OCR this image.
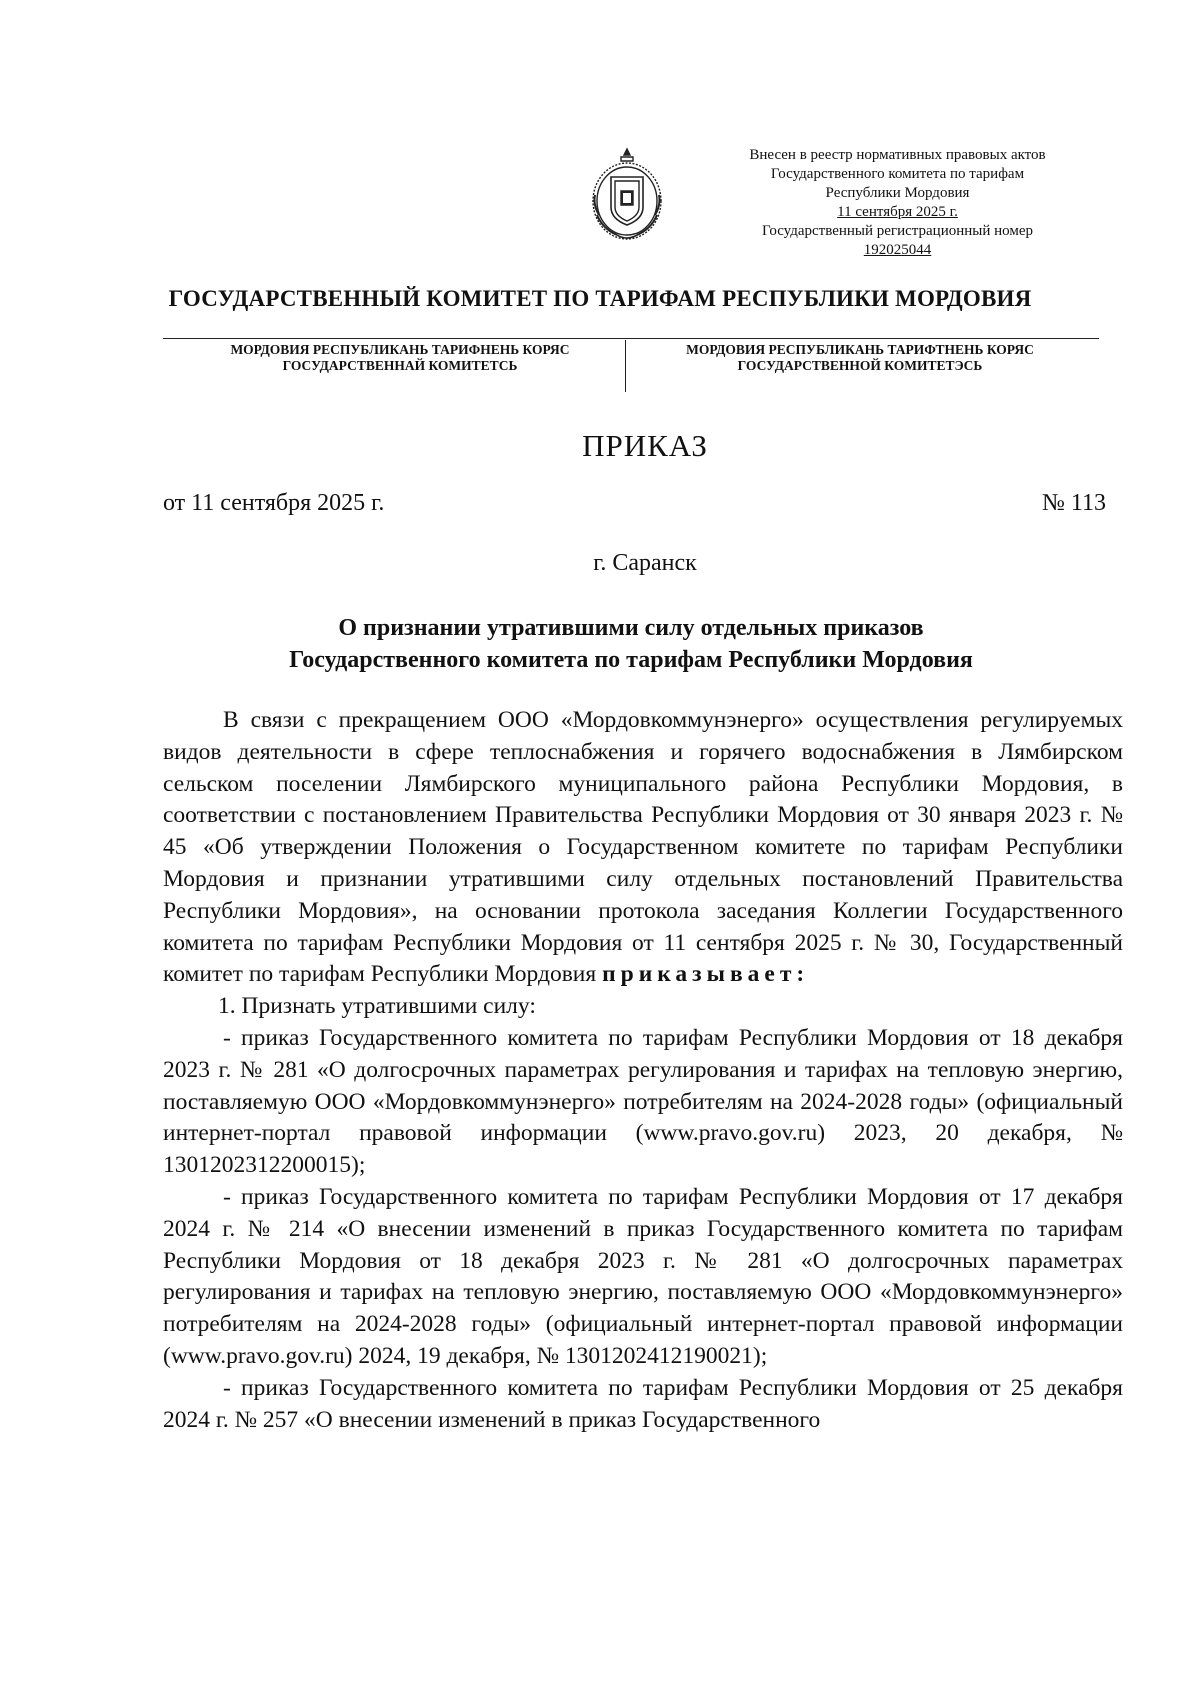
Внесен в реестр нормативных правовых актов
Государственного комитета по тарифам
Республики Мордовия
11 сентября 2025 г.
Государственный регистрационный номер
192025044
ГОСУДАРСТВЕННЫЙ КОМИТЕТ ПО ТАРИФАМ РЕСПУБЛИКИ МОРДОВИЯ
МОРДОВИЯ РЕСПУБЛИКАНЬ ТАРИФНЕНЬ КОРЯС
ГОСУДАРСТВЕННАЙ КОМИТЕТСЬ
МОРДОВИЯ РЕСПУБЛИКАНЬ ТАРИФТНЕНЬ КОРЯС
ГОСУДАРСТВЕННОЙ КОМИТЕТЭСЬ
ПРИКАЗ
от 11 сентября 2025 г.	№ 113
г. Саранск
О признании утратившими силу отдельных приказов
Государственного комитета по тарифам Республики Мордовия

В связи с прекращением ООО «Мордовкоммунэнерго» осуществления регулируемых видов деятельности в сфере теплоснабжения и горячего водоснабжения в Лямбирском сельском поселении Лямбирского муниципального района Республики Мордовия, в соответствии с постановлением Правительства Республики Мордовия от 30 января 2023 г. № 45 «Об утверждении Положения о Государственном комитете по тарифам Республики Мордовия и признании утратившими силу отдельных постановлений Правительства Республики Мордовия», на основании протокола заседания Коллегии Государственного комитета по тарифам Республики Мордовия от 11 сентября 2025 г. № 30, Государственный комитет по тарифам Республики Мордовия приказывает:

1. Признать утратившими силу:

- приказ Государственного комитета по тарифам Республики Мордовия от 18 декабря 2023 г. № 281 «О долгосрочных параметрах регулирования и тарифах на тепловую энергию, поставляемую ООО «Мордовкоммунэнерго» потребителям на 2024-2028 годы» (официальный интернет-портал правовой информации (www.pravo.gov.ru) 2023, 20 декабря, № 1301202312200015);

- приказ Государственного комитета по тарифам Республики Мордовия от 17 декабря 2024 г. № 214 «О внесении изменений в приказ Государственного комитета по тарифам Республики Мордовия от 18 декабря 2023 г. № 281 «О долгосрочных параметрах регулирования и тарифах на тепловую энергию, поставляемую ООО «Мордовкоммунэнерго» потребителям на 2024-2028 годы» (официальный интернет-портал правовой информации (www.pravo.gov.ru) 2024, 19 декабря, № 1301202412190021);

- приказ Государственного комитета по тарифам Республики Мордовия от 25 декабря 2024 г. № 257 «О внесении изменений в приказ Государственного
